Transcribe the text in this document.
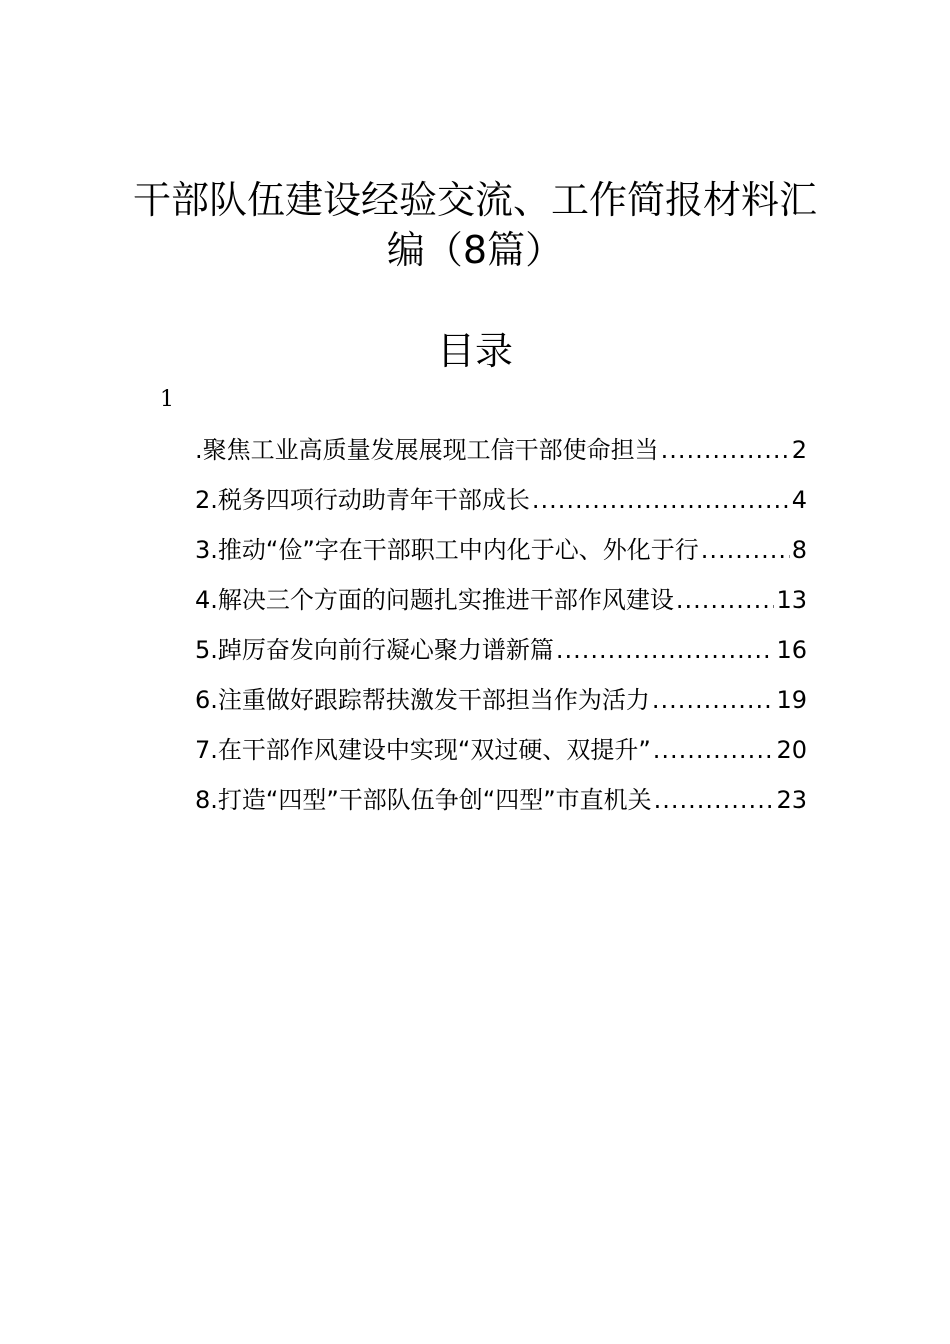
干部队伍建设经验交流、工作简报材料汇
编（8篇）
目录
1
.聚焦工业高质量发展展现工信干部使命担当 .....	2
2.税务四项行动助青年干部成长 .....	4
3.推动“俭”字在干部职工中内化于心、外化于行 .....	8
4.解决三个方面的问题扎实推进干部作风建设 .....	13
5.踔厉奋发向前行凝心聚力谱新篇 .....	16
6.注重做好跟踪帮扶激发干部担当作为活力 .....	19
7.在干部作风建设中实现“双过硬、双提升” .....	20
8.打造“四型”干部队伍争创“四型”市直机关 .....	23
